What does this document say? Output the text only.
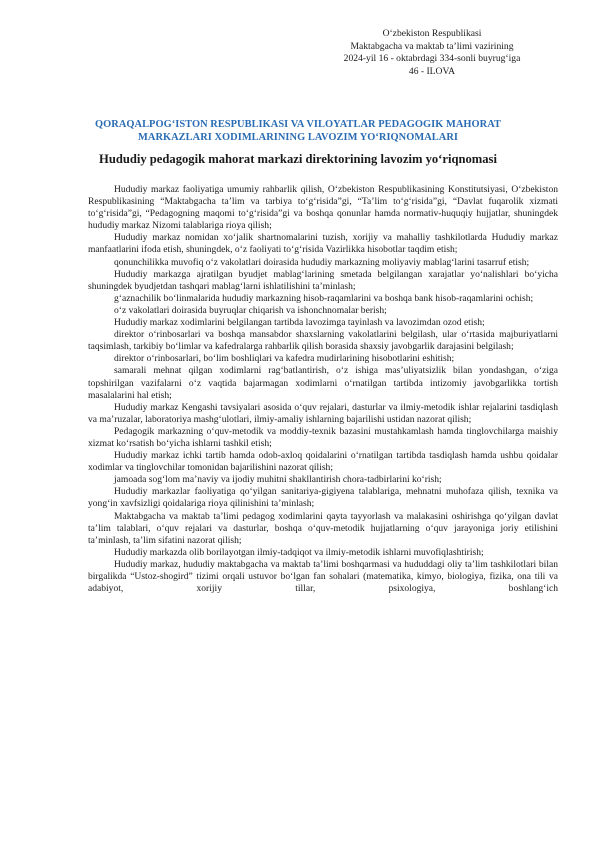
O‘zbekiston Respublikasi
Maktabgacha va maktab ta’limi vazirining
2024-yil 16 - oktabrdagi 334-sonli buyrug‘iga
46 - ILOVA
QORAQALPOG‘ISTON RESPUBLIKASI VA VILOYATLAR PEDAGOGIK MAHORAT
MARKAZLARI XODIMLARINING LAVOZIM YO‘RIQNOMALARI
Hududiy pedagogik mahorat markazi direktorining lavozim yo‘riqnomasi

Hududiy markaz faoliyatiga umumiy rahbarlik qilish, O‘zbekiston Respublikasining Konstitutsiyasi, O‘zbekiston Respublikasining “Maktabgacha ta’lim va tarbiya to‘g‘risida”gi, “Ta’lim to‘g‘risida”gi, “Davlat fuqarolik xizmati to‘g‘risida”gi, “Pedagogning maqomi to‘g‘risida”gi va boshqa qonunlar hamda normativ-huquqiy hujjatlar, shuningdek hududiy markaz Nizomi talablariga rioya qilish;

Hududiy markaz nomidan xo‘jalik shartnomalarini tuzish, xorijiy va mahalliy tashkilotlarda Hududiy markaz manfaatlarini ifoda etish, shuningdek, o‘z faoliyati to‘g‘risida Vazirlikka hisobotlar taqdim etish;

qonunchilikka muvofiq o‘z vakolatlari doirasida hududiy markazning moliyaviy mablag‘larini tasarruf etish;

Hududiy markazga ajratilgan byudjet mablag‘larining smetada belgilangan xarajatlar yo‘nalishlari bo‘yicha shuningdek byudjetdan tashqari mablag‘larni ishlatilishini ta’minlash;

g‘aznachilik bo‘linmalarida hududiy markazning hisob-raqamlarini va boshqa bank hisob-raqamlarini ochish;

o‘z vakolatlari doirasida buyruqlar chiqarish va ishonchnomalar berish;

Hududiy markaz xodimlarini belgilangan tartibda lavozimga tayinlash va lavozimdan ozod etish;

direktor o‘rinbosarlari va boshqa mansabdor shaxslarning vakolatlarini belgilash, ular o‘rtasida majburiyatlarni taqsimlash, tarkibiy bo‘limlar va kafedralarga rahbarlik qilish borasida shaxsiy javobgarlik darajasini belgilash;

direktor o‘rinbosarlari, bo‘lim boshliqlari va kafedra mudirlarining hisobotlarini eshitish;

samarali mehnat qilgan xodimlarni rag‘batlantirish, o‘z ishiga mas’uliyatsizlik bilan yondashgan, o‘ziga topshirilgan vazifalarni o‘z vaqtida bajarmagan xodimlarni o‘rnatilgan tartibda intizomiy javobgarlikka tortish masalalarini hal etish;

Hududiy markaz Kengashi tavsiyalari asosida o‘quv rejalari, dasturlar va ilmiy-metodik ishlar rejalarini tasdiqlash va ma’ruzalar, laboratoriya mashg‘ulotlari, ilmiy-amaliy ishlarning bajarilishi ustidan nazorat qilish;

Pedagogik markazning o‘quv-metodik va moddiy-texnik bazasini mustahkamlash hamda tinglovchilarga maishiy xizmat ko‘rsatish bo‘yicha ishlarni tashkil etish;

Hududiy markaz ichki tartib hamda odob-axloq qoidalarini o‘rnatilgan tartibda tasdiqlash hamda ushbu qoidalar xodimlar va tinglovchilar tomonidan bajarilishini nazorat qilish;

jamoada sog‘lom ma’naviy va ijodiy muhitni shakllantirish chora-tadbirlarini ko‘rish;

Hududiy markazlar faoliyatiga qo‘yilgan sanitariya-gigiyena talablariga, mehnatni muhofaza qilish, texnika va yong‘in xavfsizligi qoidalariga rioya qilinishini ta’minlash;

Maktabgacha va maktab ta’limi pedagog xodimlarini qayta tayyorlash va malakasini oshirishga qo‘yilgan davlat ta’lim talablari, o‘quv rejalari va dasturlar, boshqa o‘quv-metodik hujjatlarning o‘quv jarayoniga joriy etilishini ta’minlash, ta’lim sifatini nazorat qilish;

Hududiy markazda olib borilayotgan ilmiy-tadqiqot va ilmiy-metodik ishlarni muvofiqlashtirish;

Hududiy markaz, hududiy maktabgacha va maktab ta’limi boshqarmasi va hududdagi oliy ta’lim tashkilotlari bilan birgalikda “Ustoz-shogird” tizimi orqali ustuvor bo‘lgan fan sohalari (matematika, kimyo, biologiya, fizika, ona tili va adabiyot, xorijiy tillar, psixologiya, boshlang‘ich
